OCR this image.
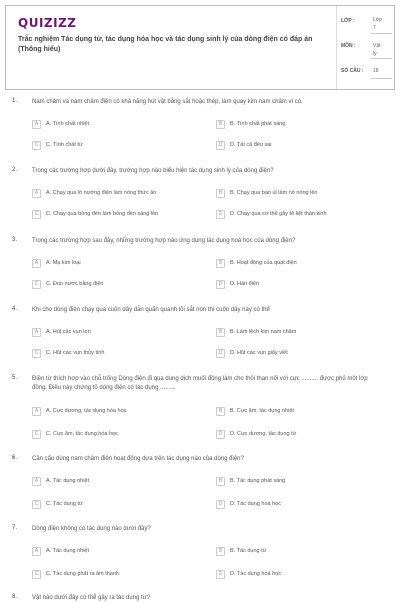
QUIZIZZ
Trắc nghiệm Tác dụng từ, tác dụng hóa học và tác dụng sinh lý của dòng điện có đáp án (Thông hiểu)
LỚP :	Lớp 7
MÔN :	Vật lý
SỐ CÂU : 18
1. Nam châm và nam châm điện có khả năng hút vật bằng sắt hoặc thép, làm quay kim nam châm vì có.
A	A. Tính chất nhiệt	B	B. Tính chất phát sáng
C	C. Tính chất từ	D	D. Tất cả đều sai
2. Trong các trường hợp dưới đây, trường hợp nào biểu hiện tác dụng sinh lý của dòng điện?
A	A. Chạy qua lò nướng điện làm nóng thức ăn	B	B. Chạy qua bàn ủi làm nó nóng lên
C	C. Chạy qua bóng đèn làm bóng đèn sáng lên	D	D. Chạy qua cơ thể gây tê liệt thần kinh
3. Trong các trường hợp sau đây, những trường hợp nào ứng dụng tác dụng hoá học của dòng điện?
A	A. Mạ kim loại	B	B. Hoạt động của quạt điện
C	C. Đun nước bằng điện	D	D. Hàn điện
4. Khi cho dòng điện chạy qua cuộn dây dẫn quấn quanh lõi sắt non thì cuộn dây này có thể
A	A. Hút các vụn len	B	B. Làm lệch kim nam châm
C	C. Hút các vụn thủy tinh	D	D. Hút các vụn giấy viết
5. Điền từ thích hợp vào chỗ trống Dòng điện đi qua dung dịch muối đồng làm cho thỏi than nối với cực .......... được phủ một lớp đồng. Điều này chứng tỏ dòng điện có tác dụng .........
A	A. Cực dương, tác dụng hóa học	B	B. Cực âm, tác dụng nhiệt
C	C. Cực âm, tác dụng hóa học	D	D. Cực dương, tác dụng từ
6. Cần cẩu dùng nam châm điện hoạt động dựa trên tác dụng nào của dòng điện?
A	A. Tác dụng nhiệt	B	B. Tác dụng phát sáng
C	C. Tác dụng từ	D	D. Tác dụng hoá học
7. Dòng điện không có tác dụng nào dưới đây?
A	A. Tác dụng nhiệt	B	B. Tác dụng từ
C	C. Tác dụng phát ra âm thanh	D	D. Tác dụng hoá học
8. Vật nào dưới đây có thể gây ra tác dụng từ?
